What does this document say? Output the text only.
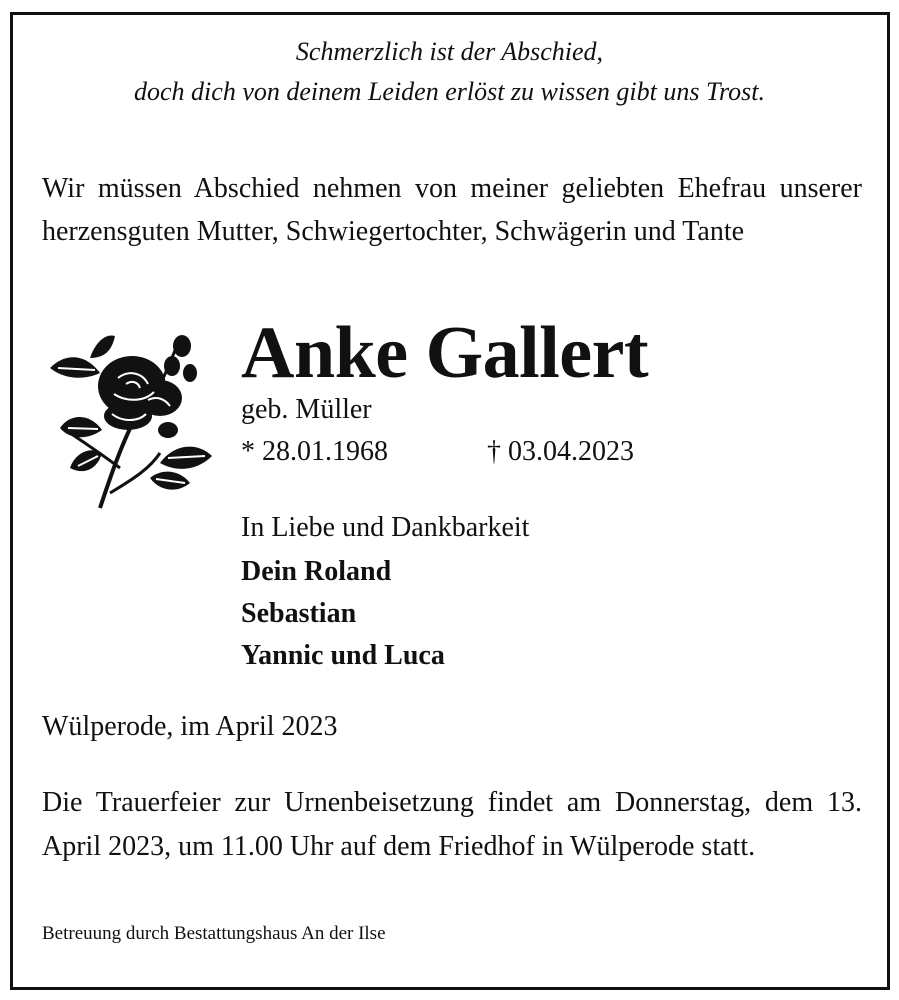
Schmerzlich ist der Abschied,
doch dich von deinem Leiden erlöst zu wissen gibt uns Trost.
Wir müssen Abschied nehmen von meiner geliebten Ehefrau unserer herzensguten Mutter, Schwiegertochter, Schwägerin und Tante
Anke Gallert
geb. Müller
* 28.01.1968	† 03.04.2023
In Liebe und Dankbarkeit
Dein Roland
Sebastian
Yannic und Luca
Wülperode, im April 2023
Die Trauerfeier zur Urnenbeisetzung findet am Donnerstag, dem 13. April 2023, um 11.00 Uhr auf dem Friedhof in Wülperode statt.
Betreuung durch Bestattungshaus An der Ilse
